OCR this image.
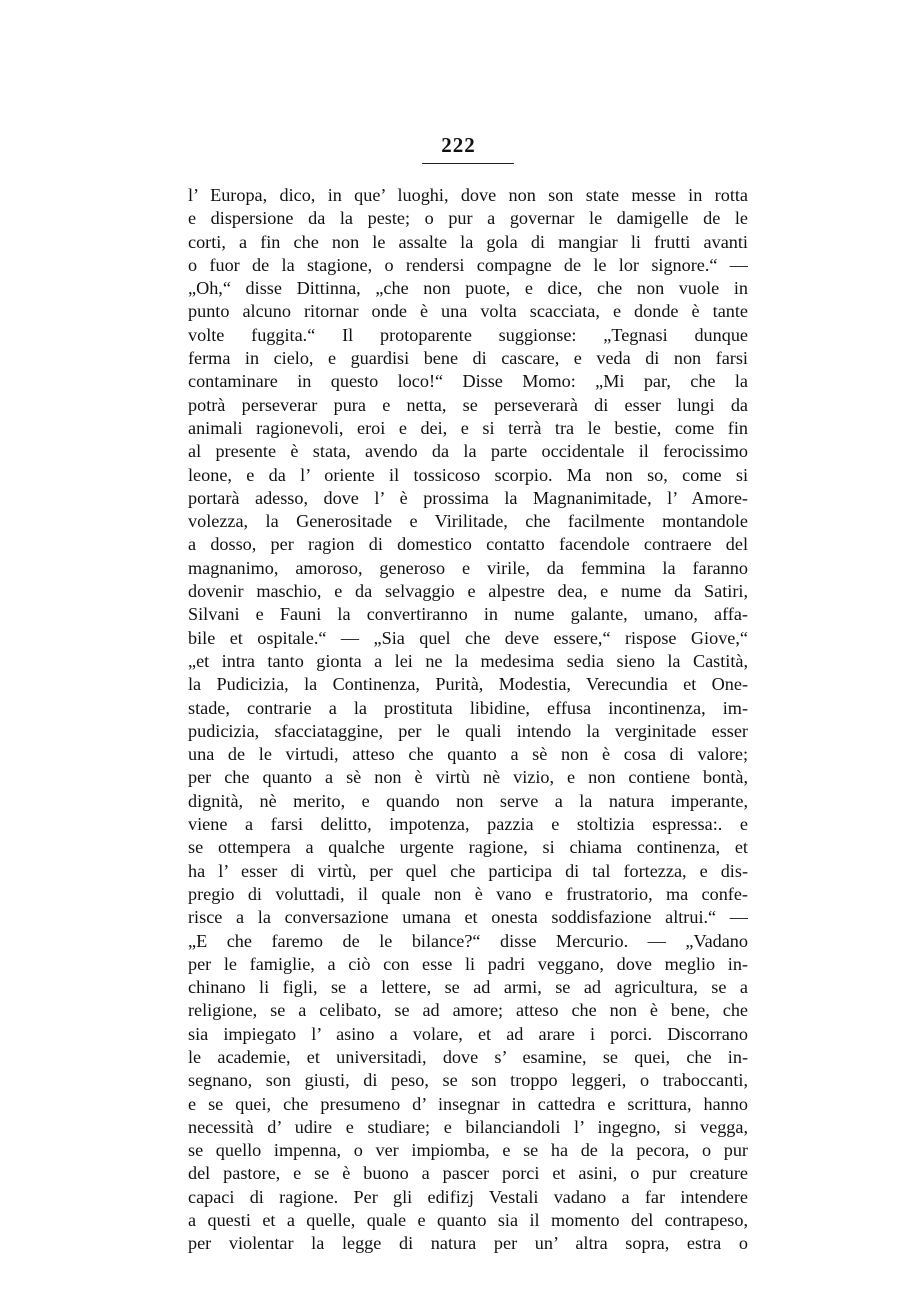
222
l’ Europa, dico, in que’ luoghi, dove non son state messe in rotta
e dispersione da la peste; o pur a governar le damigelle de le
corti, a fin che non le assalte la gola di mangiar li frutti avanti
o fuor de la stagione, o rendersi compagne de le lor signore.“ —
„Oh,“ disse Dittinna, „che non puote, e dice, che non vuole in
punto alcuno ritornar onde è una volta scacciata, e donde è tante
volte fuggita.“ Il protoparente suggionse: „Tegnasi dunque
ferma in cielo, e guardisi bene di cascare, e veda di non farsi
contaminare in questo loco!“ Disse Momo: „Mi par, che la
potrà perseverar pura e netta, se perseverarà di esser lungi da
animali ragionevoli, eroi e dei, e si terrà tra le bestie, come fin
al presente è stata, avendo da la parte occidentale il ferocissimo
leone, e da l’ oriente il tossicoso scorpio. Ma non so, come si
portarà adesso, dove l’ è prossima la Magnanimitade, l’ Amore-
volezza, la Generositade e Virilitade, che facilmente montandole
a dosso, per ragion di domestico contatto facendole contraere del
magnanimo, amoroso, generoso e virile, da femmina la faranno
dovenir maschio, e da selvaggio e alpestre dea, e nume da Satiri,
Silvani e Fauni la convertiranno in nume galante, umano, affa-
bile et ospitale.“ — „Sia quel che deve essere,“ rispose Giove,“
„et intra tanto gionta a lei ne la medesima sedia sieno la Castità,
la Pudicizia, la Continenza, Purità, Modestia, Verecundia et One-
stade, contrarie a la prostituta libidine, effusa incontinenza, im-
pudicizia, sfacciataggine, per le quali intendo la verginitade esser
una de le virtudi, atteso che quanto a sè non è cosa di valore;
per che quanto a sè non è virtù nè vizio, e non contiene bontà,
dignità, nè merito, e quando non serve a la natura imperante,
viene a farsi delitto, impotenza, pazzia e stoltizia espressa:. e
se ottempera a qualche urgente ragione, si chiama continenza, et
ha l’ esser di virtù, per quel che participa di tal fortezza, e dis-
pregio di voluttadi, il quale non è vano e frustratorio, ma confe-
risce a la conversazione umana et onesta soddisfazione altrui.“ —
„E che faremo de le bilance?“ disse Mercurio. — „Vadano
per le famiglie, a ciò con esse li padri veggano, dove meglio in-
chinano li figli, se a lettere, se ad armi, se ad agricultura, se a
religione, se a celibato, se ad amore; atteso che non è bene, che
sia impiegato l’ asino a volare, et ad arare i porci. Discorrano
le academie, et universitadi, dove s’ esamine, se quei, che in-
segnano, son giusti, di peso, se son troppo leggeri, o traboccanti,
e se quei, che presumeno d’ insegnar in cattedra e scrittura, hanno
necessità d’ udire e studiare; e bilanciandoli l’ ingegno, si vegga,
se quello impenna, o ver impiomba, e se ha de la pecora, o pur
del pastore, e se è buono a pascer porci et asini, o pur creature
capaci di ragione. Per gli edifizj Vestali vadano a far intendere
a questi et a quelle, quale e quanto sia il momento del contrapeso,
per violentar la legge di natura per un’ altra sopra, estra o
